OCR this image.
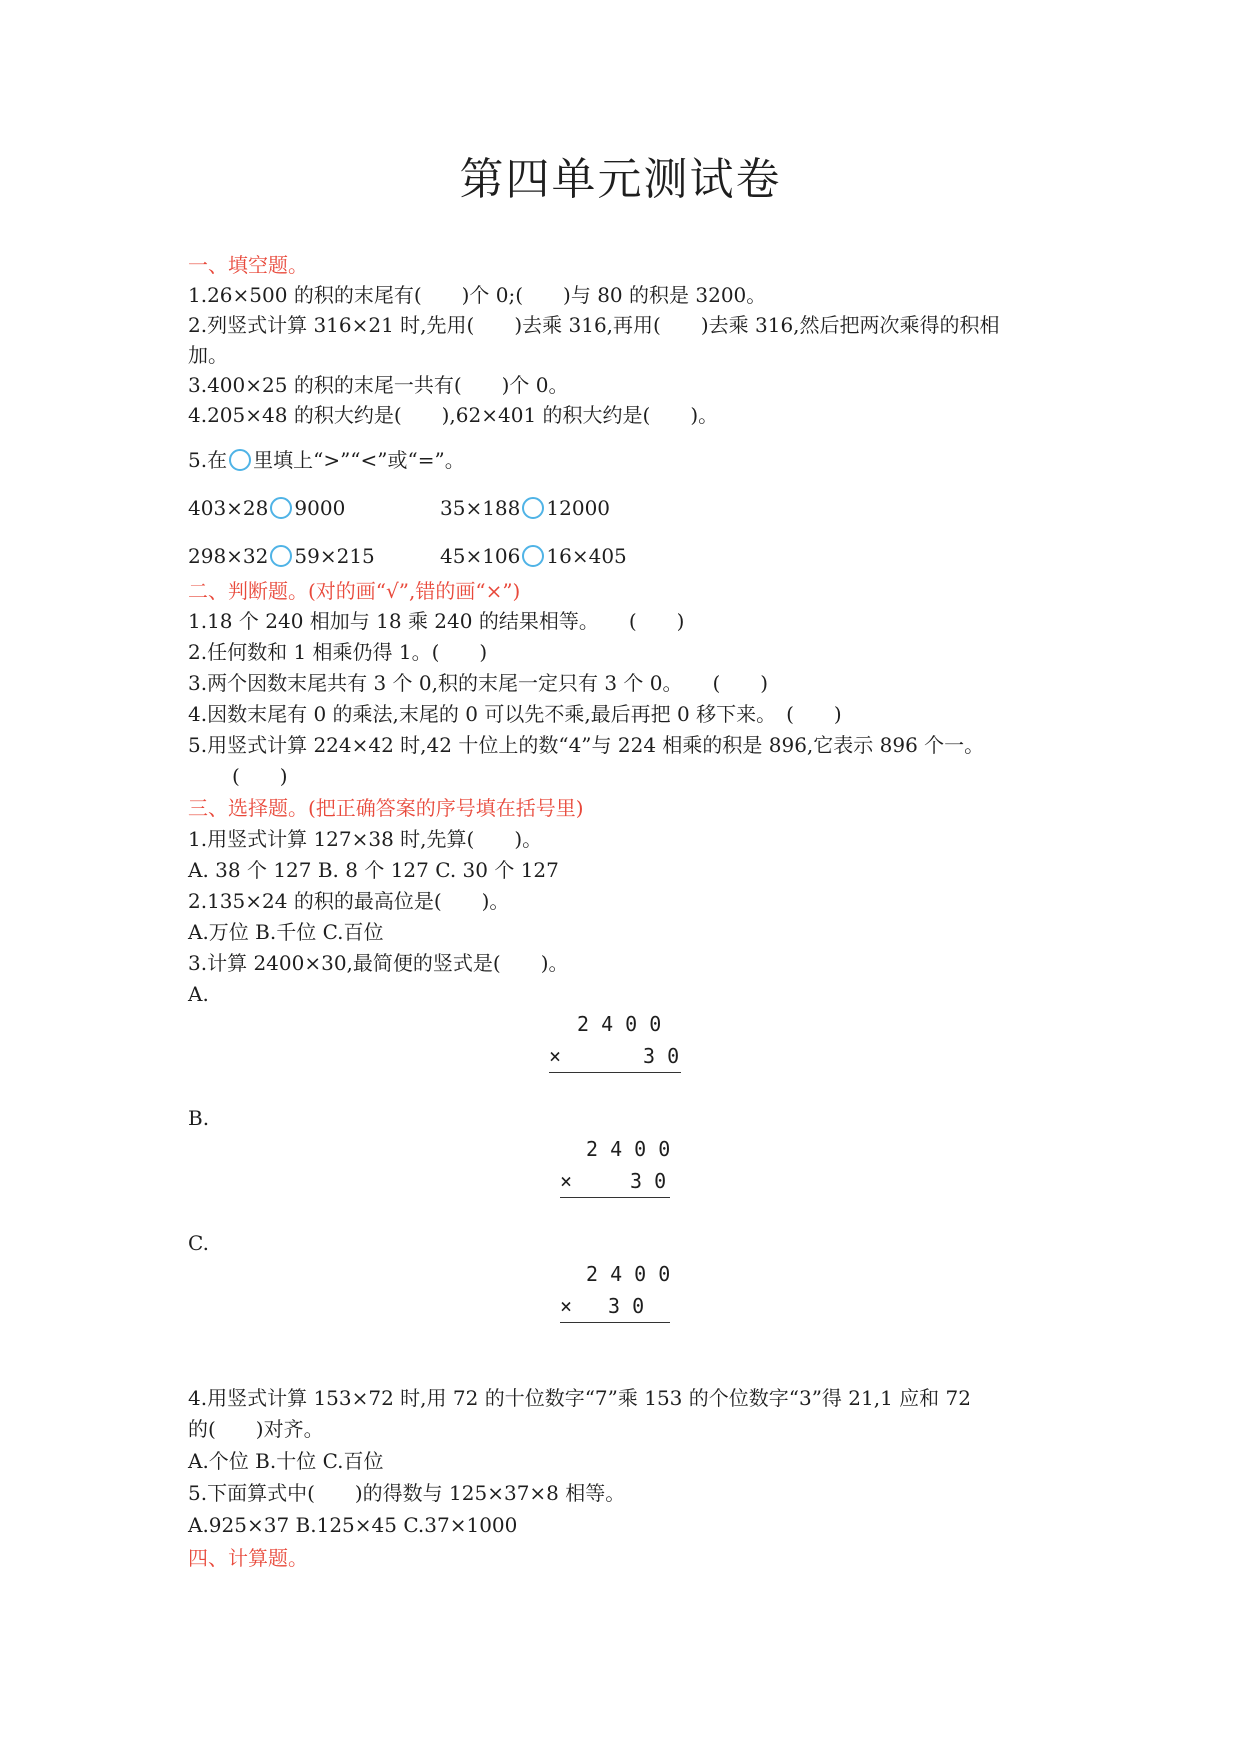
第四单元测试卷
一、填空题。
1.26×500 的积的末尾有(　　)个 0;(　　)与 80 的积是 3200。
2.列竖式计算 316×21 时,先用(　　)去乘 316,再用(　　)去乘 316,然后把两次乘得的积相
加。
3.400×25 的积的末尾一共有(　　)个 0。
4.205×48 的积大约是(　　),62×401 的积大约是(　　)。
5.在 里填上“>”“<”或“=”。
403×28 9000	35×188 12000
298×32 59×215	45×106 16×405
二、判断题。(对的画“√”,错的画“×”)
1.18 个 240 相加与 18 乘 240 的结果相等。　　(　　)
2.任何数和 1 相乘仍得 1。(　　)
3.两个因数末尾共有 3 个 0,积的末尾一定只有 3 个 0。　　(　　)
4.因数末尾有 0 的乘法,末尾的 0 可以先不乘,最后再把 0 移下来。　(　　)
5.用竖式计算 224×42 时,42 十位上的数“4”与 224 相乘的积是 896,它表示 896 个一。
(　　)
三、选择题。(把正确答案的序号填在括号里)
1.用竖式计算 127×38 时,先算(　　)。
A. 38 个 127 B. 8 个 127 C. 30 个 127
2.135×24 的积的最高位是(　　)。
A.万位 B.千位 C.百位
3.计算 2400×30,最简便的竖式是(　　)。
A.
2 4 0 0
×	3 0
B.
2 4 0 0
×	3 0
C.
2 4 0 0
× 3 0
4.用竖式计算 153×72 时,用 72 的十位数字“7”乘 153 的个位数字“3”得 21,1 应和 72
的(　　)对齐。
A.个位 B.十位 C.百位
5.下面算式中(　　)的得数与 125×37×8 相等。
A.925×37 B.125×45 C.37×1000
四、计算题。
